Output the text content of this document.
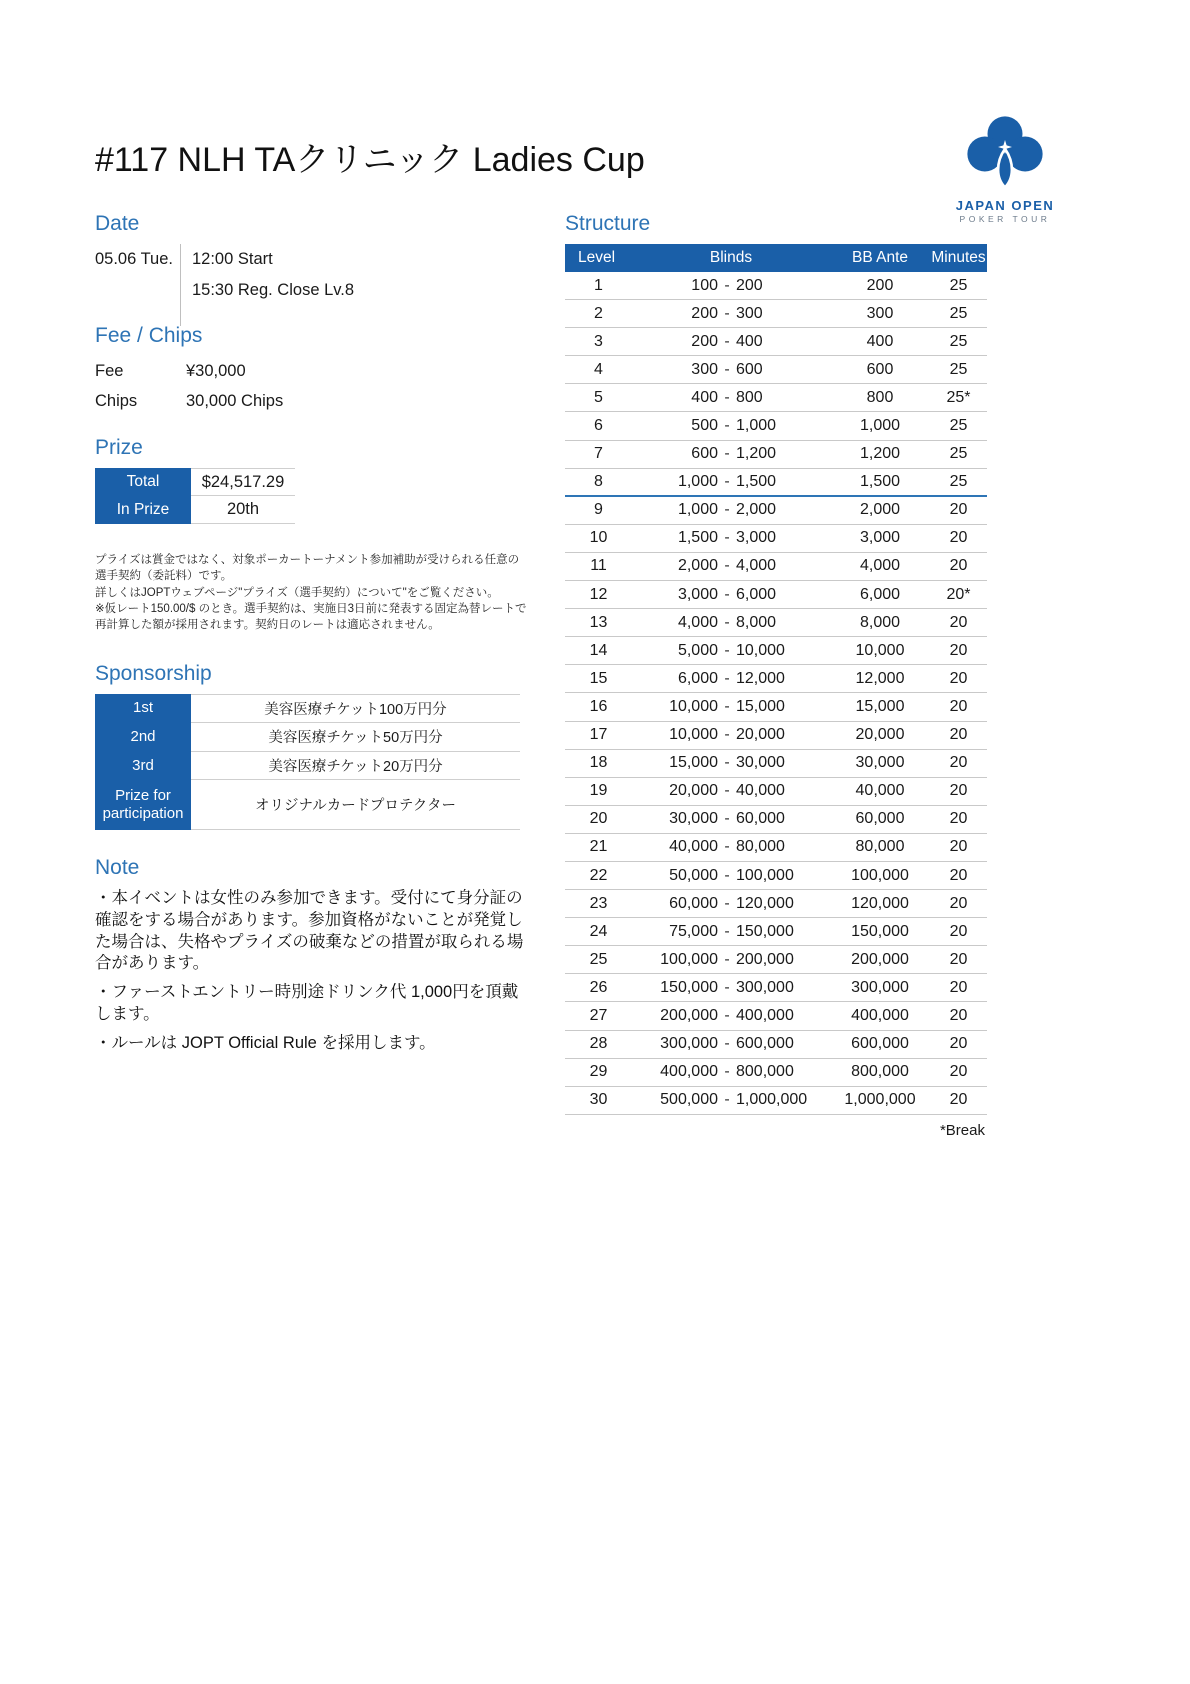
#117 NLH TAクリニック Ladies Cup
JAPAN OPEN
POKER TOUR
Date
05.06 Tue.	12:00 Start
15:30 Reg. Close Lv.8
Fee / Chips
Fee	¥30,000
Chips	30,000 Chips
Prize
Total	$24,517.29
In Prize	20th

プライズは賞金ではなく、対象ポーカートーナメント参加補助が受けられる任意の選手契約（委託料）です。

詳しくはJOPTウェブページ"プライズ（選手契約）について"をご覧ください。

※仮レート150.00/$ のとき。選手契約は、実施日3日前に発表する固定為替レートで再計算した額が採用されます。契約日のレートは適応されません。

Sponsorship
1st	美容医療チケット100万円分
2nd	美容医療チケット50万円分
3rd	美容医療チケット20万円分
Prize for participation	オリジナルカードプロテクター
Note

・本イベントは女性のみ参加できます。受付にて身分証の確認をする場合があります。参加資格がないことが発覚した場合は、失格やプライズの破棄などの措置が取られる場合があります。

・ファーストエントリー時別途ドリンク代 1,000円を頂戴します。

・ルールは JOPT Official Rule を採用します。

Structure
Level	Blinds	BB Ante	Minutes
1	100 - 200	200	25
2	200 - 300	300	25
3	200 - 400	400	25
4	300 - 600	600	25
5	400 - 800	800	25*
6	500 - 1,000	1,000	25
7	600 - 1,200	1,200	25
8	1,000 - 1,500	1,500	25
9	1,000 - 2,000	2,000	20
10	1,500 - 3,000	3,000	20
11	2,000 - 4,000	4,000	20
12	3,000 - 6,000	6,000	20*
13	4,000 - 8,000	8,000	20
14	5,000 - 10,000	10,000	20
15	6,000 - 12,000	12,000	20
16	10,000 - 15,000	15,000	20
17	10,000 - 20,000	20,000	20
18	15,000 - 30,000	30,000	20
19	20,000 - 40,000	40,000	20
20	30,000 - 60,000	60,000	20
21	40,000 - 80,000	80,000	20
22	50,000 - 100,000	100,000	20
23	60,000 - 120,000	120,000	20
24	75,000 - 150,000	150,000	20
25	100,000 - 200,000	200,000	20
26	150,000 - 300,000	300,000	20
27	200,000 - 400,000	400,000	20
28	300,000 - 600,000	600,000	20
29	400,000 - 800,000	800,000	20
30	500,000 - 1,000,000	1,000,000	20
*Break
